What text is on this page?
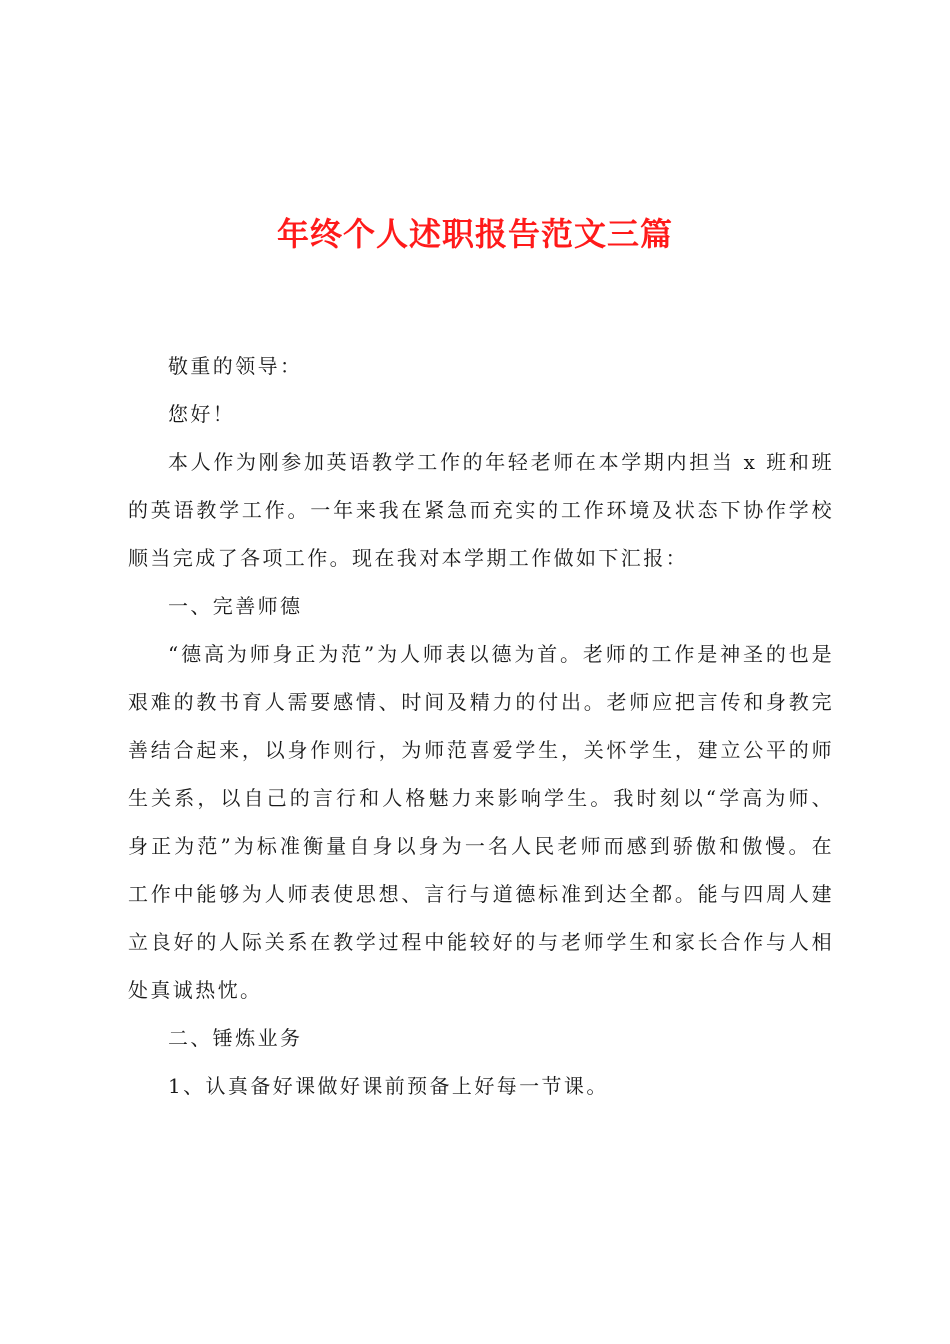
年终个人述职报告范文三篇

敬重的领导：

您好！

本人作为刚参加英语教学工作的年轻老师在本学期内担当 x 班和班的英语教学工作。一年来我在紧急而充实的工作环境及状态下协作学校顺当完成了各项工作。现在我对本学期工作做如下汇报：

一、完善师德

“德高为师身正为范”为人师表以德为首。老师的工作是神圣的也是艰难的教书育人需要感情、时间及精力的付出。老师应把言传和身教完善结合起来，以身作则行，为师范喜爱学生，关怀学生，建立公平的师生关系，以自己的言行和人格魅力来影响学生。我时刻以“学高为师、身正为范”为标准衡量自身以身为一名人民老师而感到骄傲和傲慢。在工作中能够为人师表使思想、言行与道德标准到达全都。能与四周人建立良好的人际关系在教学过程中能较好的与老师学生和家长合作与人相处真诚热忱。

二、锤炼业务

1、认真备好课做好课前预备上好每一节课。
